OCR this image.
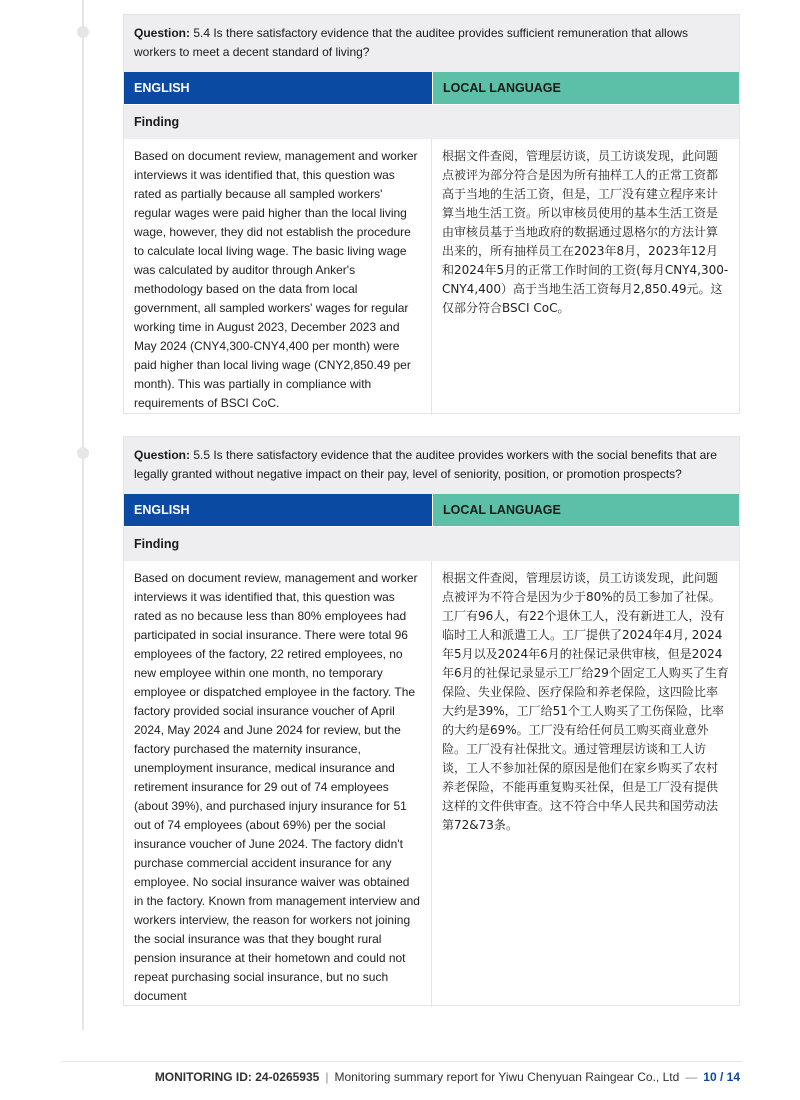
Question: 5.4 Is there satisfactory evidence that the auditee provides sufficient remuneration that allows workers to meet a decent standard of living?
ENGLISH	LOCAL LANGUAGE
Finding
Based on document review, management and worker interviews it was identified that, this question was rated as partially because all sampled workers' regular wages were paid higher than the local living wage, however, they did not establish the procedure to calculate local living wage. The basic living wage was calculated by auditor through Anker's methodology based on the data from local government, all sampled workers' wages for regular working time in August 2023, December 2023 and May 2024 (CNY4,300-CNY4,400 per month) were paid higher than local living wage (CNY2,850.49 per month). This was partially in compliance with requirements of BSCI CoC.
根据文件查阅，管理层访谈，员工访谈发现，此问题点被评为部分符合是因为所有抽样工人的正常工资都高于当地的生活工资，但是，工厂没有建立程序来计算当地生活工资。所以审核员使用的基本生活工资是由审核员基于当地政府的数据通过恩格尔的方法计算出来的，所有抽样员工在2023年8月，2023年12月和2024年5月的正常工作时间的工资(每月CNY4,300-CNY4,400）高于当地生活工资每月2,850.49元。这仅部分符合BSCI CoC。
Question: 5.5 Is there satisfactory evidence that the auditee provides workers with the social benefits that are legally granted without negative impact on their pay, level of seniority, position, or promotion prospects?
ENGLISH	LOCAL LANGUAGE
Finding
Based on document review, management and worker interviews it was identified that, this question was rated as no because less than 80% employees had participated in social insurance. There were total 96 employees of the factory, 22 retired employees, no new employee within one month, no temporary employee or dispatched employee in the factory. The factory provided social insurance voucher of April 2024, May 2024 and June 2024 for review, but the factory purchased the maternity insurance, unemployment insurance, medical insurance and retirement insurance for 29 out of 74 employees (about 39%), and purchased injury insurance for 51 out of 74 employees (about 69%) per the social insurance voucher of June 2024. The factory didn't purchase commercial accident insurance for any employee. No social insurance waiver was obtained in the factory. Known from management interview and workers interview, the reason for workers not joining the social insurance was that they bought rural pension insurance at their hometown and could not repeat purchasing social insurance, but no such document
根据文件查阅，管理层访谈，员工访谈发现，此问题点被评为不符合是因为少于80%的员工参加了社保。工厂有96人，有22个退休工人，没有新进工人，没有临时工人和派遣工人。工厂提供了2024年4月, 2024年5月以及2024年6月的社保记录供审核，但是2024年6月的社保记录显示工厂给29个固定工人购买了生育保险、失业保险、医疗保险和养老保险，这四险比率大约是39%，工厂给51个工人购买了工伤保险，比率的大约是69%。工厂没有给任何员工购买商业意外险。工厂没有社保批文。通过管理层访谈和工人访谈，工人不参加社保的原因是他们在家乡购买了农村养老保险，不能再重复购买社保，但是工厂没有提供这样的文件供审查。这不符合中华人民共和国劳动法 第72&73条。
MONITORING ID: 24-0265935 | Monitoring summary report for Yiwu Chenyuan Raingear Co., Ltd — 10 / 14
